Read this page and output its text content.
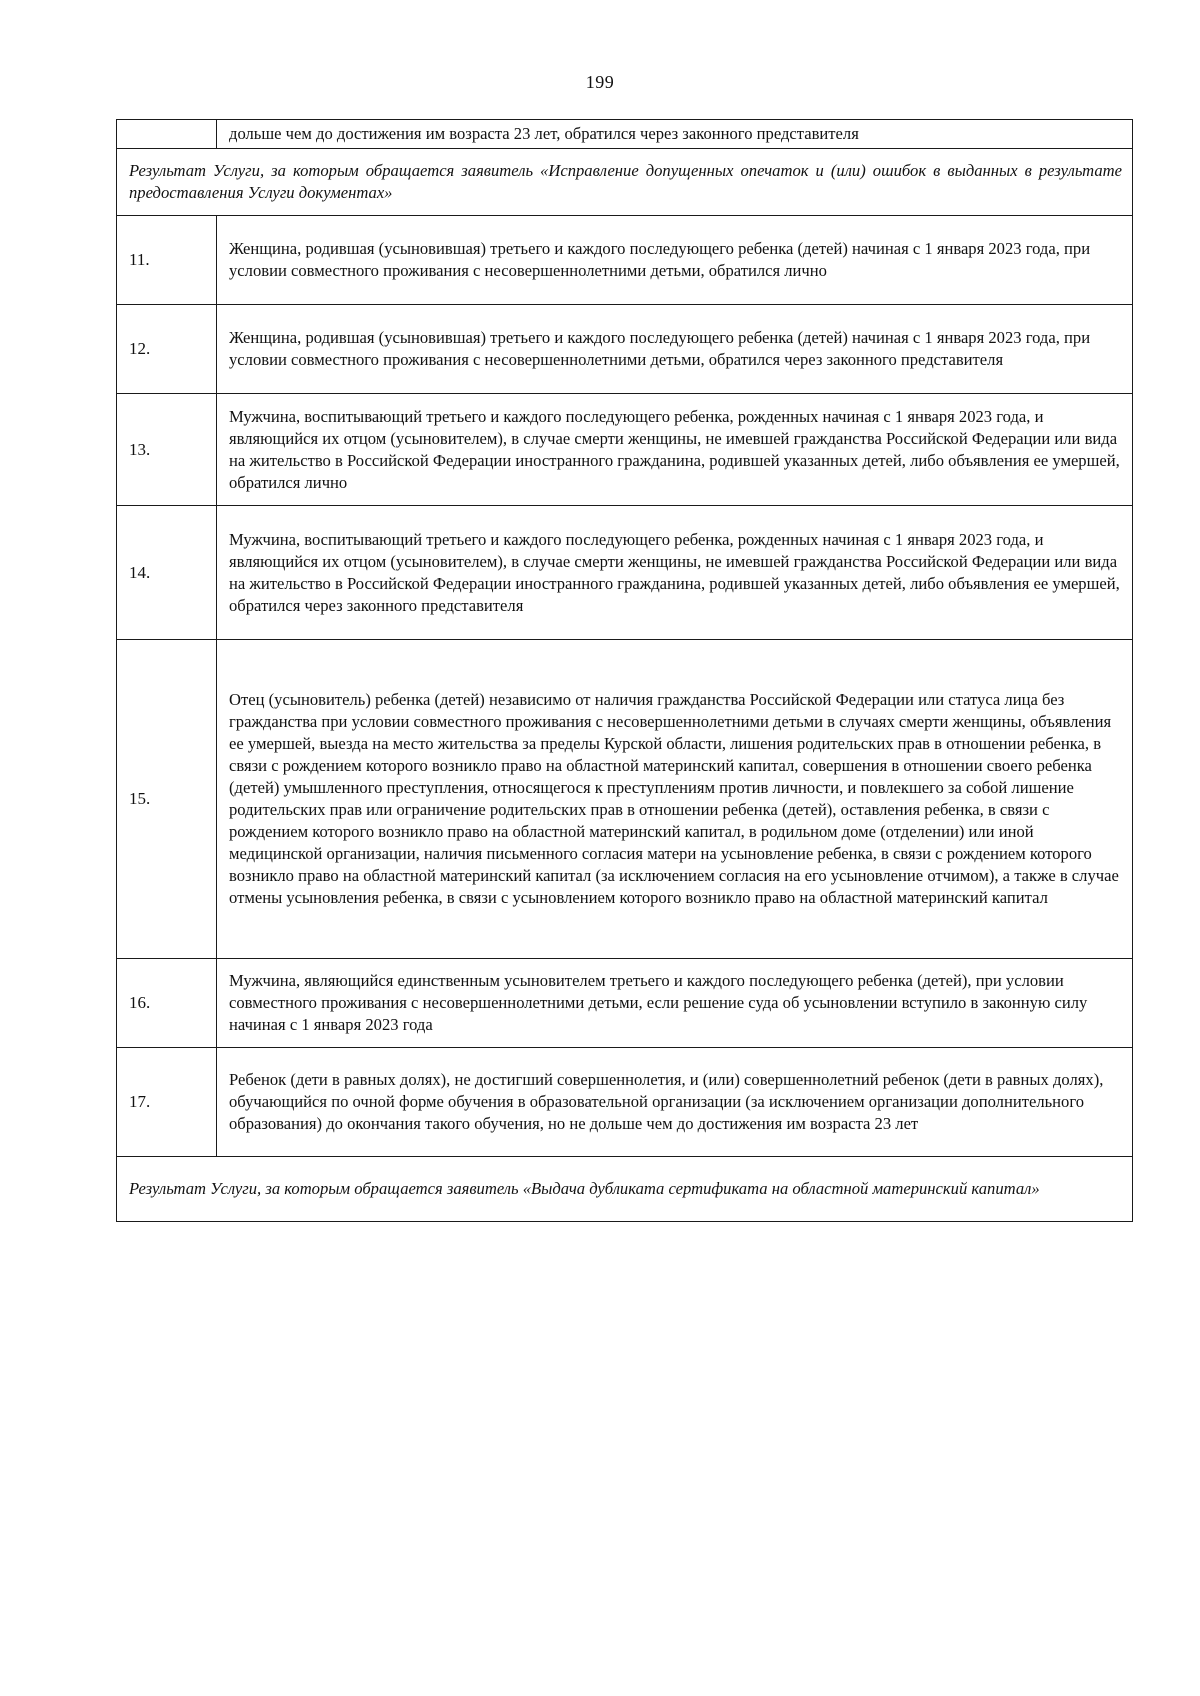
199
	дольше чем до достижения им возраста 23 лет, обратился через законного представителя
Результат Услуги, за которым обращается заявитель «Исправление допущенных опечаток и (или) ошибок в выданных в результате предоставления Услуги документах»	
11.	Женщина, родившая (усыновившая) третьего и каждого последующего ребенка (детей) начиная с 1 января 2023 года, при условии совместного проживания с несовершеннолетними детьми, обратился лично
12.	Женщина, родившая (усыновившая) третьего и каждого последующего ребенка (детей) начиная с 1 января 2023 года, при условии совместного проживания с несовершеннолетними детьми, обратился через законного представителя
13.	Мужчина, воспитывающий третьего и каждого последующего ребенка, рожденных начиная с 1 января 2023 года, и являющийся их отцом (усыновителем), в случае смерти женщины, не имевшей гражданства Российской Федерации или вида на жительство в Российской Федерации иностранного гражданина, родившей указанных детей, либо объявления ее умершей, обратился лично
14.	Мужчина, воспитывающий третьего и каждого последующего ребенка, рожденных начиная с 1 января 2023 года, и являющийся их отцом (усыновителем), в случае смерти женщины, не имевшей гражданства Российской Федерации или вида на жительство в Российской Федерации иностранного гражданина, родившей указанных детей, либо объявления ее умершей, обратился через законного представителя
15.	Отец (усыновитель) ребенка (детей) независимо от наличия гражданства Российской Федерации или статуса лица без гражданства при условии совместного проживания с несовершеннолетними детьми в случаях смерти женщины, объявления ее умершей, выезда на место жительства за пределы Курской области, лишения родительских прав в отношении ребенка, в связи с рождением которого возникло право на областной материнский капитал, совершения в отношении своего ребенка (детей) умышленного преступления, относящегося к преступлениям против личности, и повлекшего за собой лишение родительских прав или ограничение родительских прав в отношении ребенка (детей), оставления ребенка, в связи с рождением которого возникло право на областной материнский капитал, в родильном доме (отделении) или иной медицинской организации, наличия письменного согласия матери на усыновление ребенка, в связи с рождением которого возникло право на областной материнский капитал (за исключением согласия на его усыновление отчимом), а также в случае отмены усыновления ребенка, в связи с усыновлением которого возникло право на областной материнский капитал
16.	Мужчина, являющийся единственным усыновителем третьего и каждого последующего ребенка (детей), при условии совместного проживания с несовершеннолетними детьми, если решение суда об усыновлении вступило в законную силу начиная с 1 января 2023 года
17.	Ребенок (дети в равных долях), не достигший совершеннолетия, и (или) совершеннолетний ребенок (дети в равных долях), обучающийся по очной форме обучения в образовательной организации (за исключением организации дополнительного образования) до окончания такого обучения, но не дольше чем до достижения им возраста 23 лет
Результат Услуги, за которым обращается заявитель «Выдача дубликата сертификата на областной материнский капитал»	
